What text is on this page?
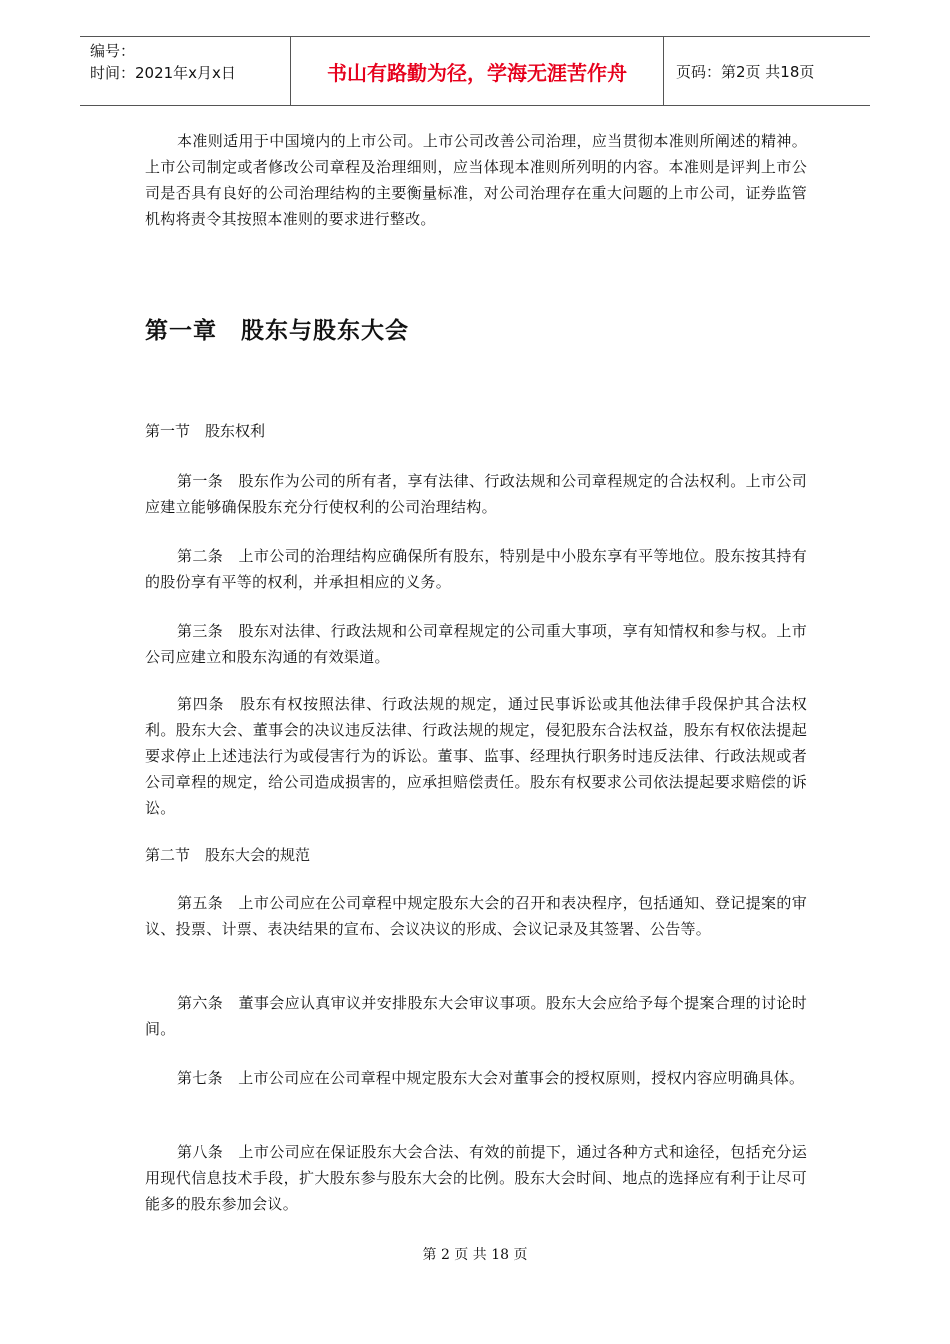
编号：
时间：2021年x月x日	书山有路勤为径，学海无涯苦作舟	页码：第2页 共18页

本准则适用于中国境内的上市公司。上市公司改善公司治理，应当贯彻本准则所阐述的精神。上市公司制定或者修改公司章程及治理细则，应当体现本准则所列明的内容。本准则是评判上市公司是否具有良好的公司治理结构的主要衡量标准，对公司治理存在重大问题的上市公司，证券监管机构将责令其按照本准则的要求进行整改。

第一章　股东与股东大会
第一节　股东权利

第一条　股东作为公司的所有者，享有法律、行政法规和公司章程规定的合法权利。上市公司应建立能够确保股东充分行使权利的公司治理结构。

第二条　上市公司的治理结构应确保所有股东，特别是中小股东享有平等地位。股东按其持有的股份享有平等的权利，并承担相应的义务。

第三条　股东对法律、行政法规和公司章程规定的公司重大事项，享有知情权和参与权。上市公司应建立和股东沟通的有效渠道。

第四条　股东有权按照法律、行政法规的规定，通过民事诉讼或其他法律手段保护其合法权利。股东大会、董事会的决议违反法律、行政法规的规定，侵犯股东合法权益，股东有权依法提起要求停止上述违法行为或侵害行为的诉讼。董事、监事、经理执行职务时违反法律、行政法规或者公司章程的规定，给公司造成损害的，应承担赔偿责任。股东有权要求公司依法提起要求赔偿的诉讼。

第二节　股东大会的规范

第五条　上市公司应在公司章程中规定股东大会的召开和表决程序，包括通知、登记提案的审议、投票、计票、表决结果的宣布、会议决议的形成、会议记录及其签署、公告等。

第六条　董事会应认真审议并安排股东大会审议事项。股东大会应给予每个提案合理的讨论时间。

第七条　上市公司应在公司章程中规定股东大会对董事会的授权原则，授权内容应明确具体。

第八条　上市公司应在保证股东大会合法、有效的前提下，通过各种方式和途径，包括充分运用现代信息技术手段，扩大股东参与股东大会的比例。股东大会时间、地点的选择应有利于让尽可能多的股东参加会议。

第 2 页 共 18 页
